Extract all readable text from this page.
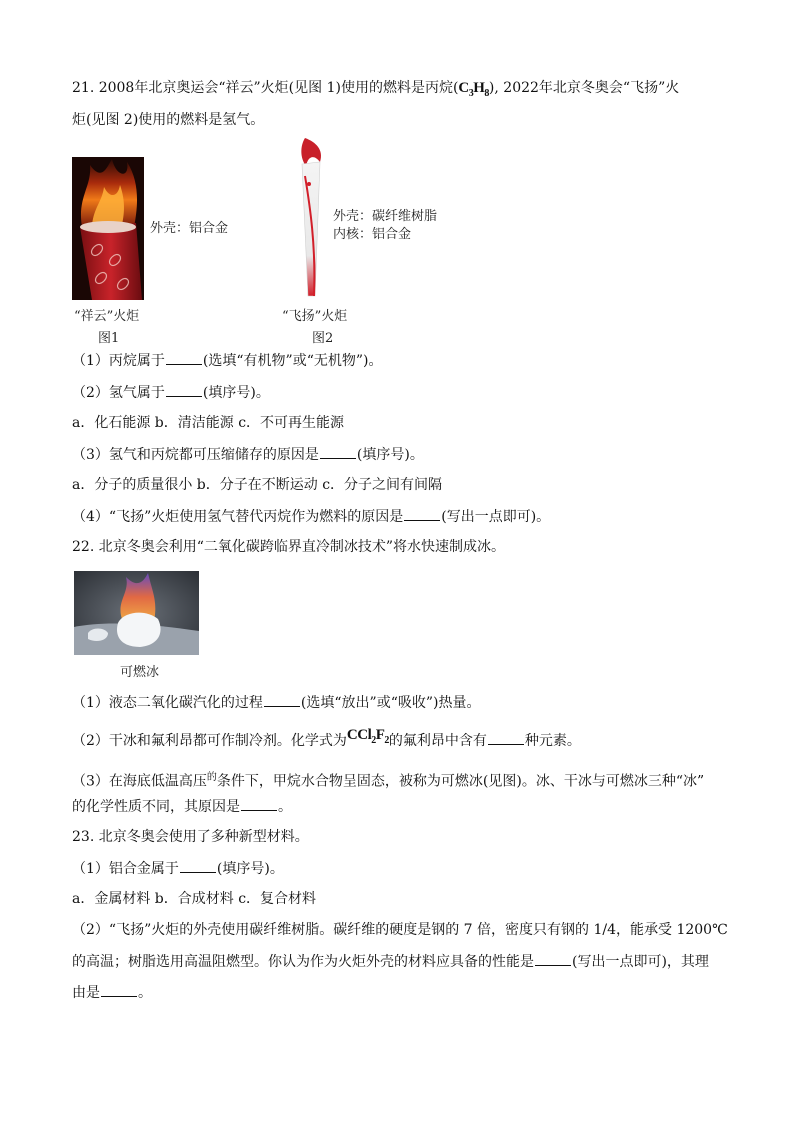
21. 2008年北京奥运会“祥云”火炬(见图 1)使用的燃料是丙烷$(C_3H_8)$, 2022年北京冬奥会“飞扬”火
炬(见图 2)使用的燃料是氢气。
外壳：铝合金
“祥云”火炬
图1
外壳：碳纤维树脂
内核：铝合金
“飞扬”火炬
图2
（1）丙烷属于	(选填“有机物”或“无机物”)。
（2）氢气属于	(填序号)。
a．化石能源 b．清洁能源 c．不可再生能源
（3）氢气和丙烷都可压缩储存的原因是	(填序号)。
a．分子的质量很小 b．分子在不断运动 c．分子之间有间隔
（4）“飞扬”火炬使用氢气替代丙烷作为燃料的原因是	(写出一点即可)。
22. 北京冬奥会利用“二氧化碳跨临界直冷制冰技术”将水快速制成冰。
可燃冰
（1）液态二氧化碳汽化的过程	(选填“放出”或“吸收”)热量。
（2）干冰和氟利昂都可作制冷剂。化学式为$CCl_2F_2$的氟利昂中含有	种元素。
（3）在海底低温高压$^的$条件下，甲烷水合物呈固态，被称为可燃冰(见图)。冰、干冰与可燃冰三种“冰”
的化学性质不同，其原因是	。
23. 北京冬奥会使用了多种新型材料。
（1）铝合金属于	(填序号)。
a．金属材料 b．合成材料 c．复合材料
（2）“飞扬”火炬的外壳使用碳纤维树脂。碳纤维的硬度是钢的 7 倍，密度只有钢的 1/4，能承受 1200℃
的高温；树脂选用高温阻燃型。你认为作为火炬外壳的材料应具备的性能是	(写出一点即可)，其理
由是	。
